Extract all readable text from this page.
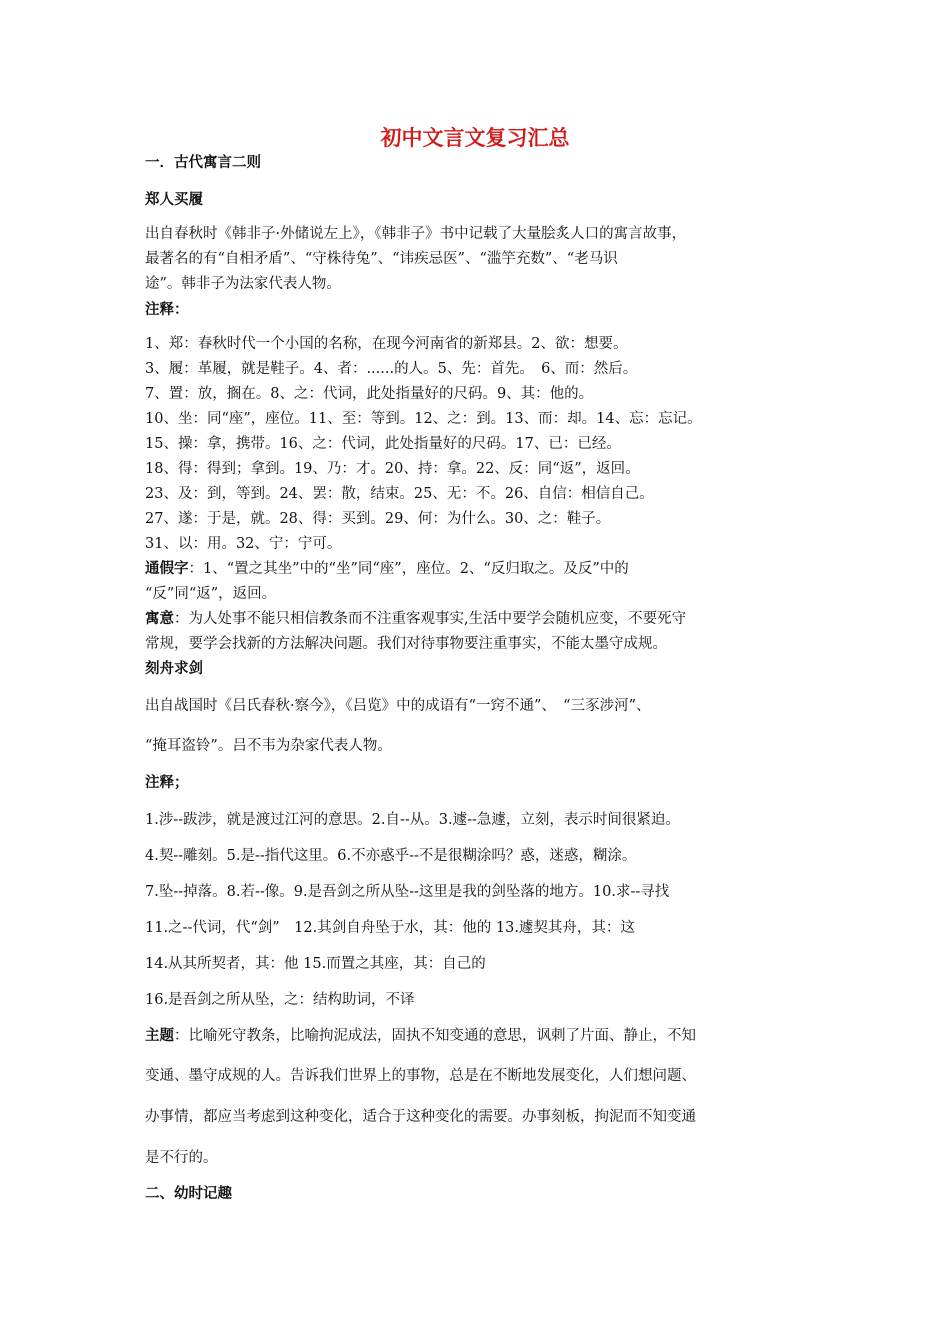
初中文言文复习汇总
一．古代寓言二则
郑人买履
出自春秋时《韩非子·外储说左上》，《韩非子》书中记载了大量脍炙人口的寓言故事，
最著名的有“自相矛盾”、“守株待兔”、“讳疾忌医”、“滥竽充数”、“老马识
途”。韩非子为法家代表人物。
注释：
1、郑：春秋时代一个小国的名称，在现今河南省的新郑县。2、欲：想要。
3、履：革履，就是鞋子。4、者：......的人。5、先：首先。　6、而：然后。
7、置：放，搁在。8、之：代词，此处指量好的尺码。9、其：他的。
10、坐：同“座”，座位。11、至：等到。12、之：到。13、而：却。14、忘：忘记。
15、操：拿，携带。16、之：代词，此处指量好的尺码。17、已：已经。
18、得：得到；拿到。19、乃：才。20、持：拿。22、反：同“返”，返回。
23、及：到，等到。24、罢：散，结束。25、无：不。26、自信：相信自己。
27、遂：于是，就。28、得：买到。29、何：为什么。30、之：鞋子。
31、以：用。32、宁：宁可。
通假字：1、“置之其坐”中的“坐”同“座”，座位。2、“反归取之。及反”中的
“反”同“返”，返回。
寓意：为人处事不能只相信教条而不注重客观事实,生活中要学会随机应变，不要死守
常规，要学会找新的方法解决问题。我们对待事物要注重事实，不能太墨守成规。
刻舟求剑
出自战国时《吕氏春秋·察今》，《吕览》中的成语有“一窍不通”、　“三豕涉河”、
“掩耳盗铃”。吕不韦为杂家代表人物。
注释；
1.涉--跋涉，就是渡过江河的意思。2.自--从。3.遽--急遽，立刻，表示时间很紧迫。
4.契--雕刻。5.是--指代这里。6.不亦惑乎--不是很糊涂吗？惑，迷惑，糊涂。
7.坠--掉落。8.若--像。9.是吾剑之所从坠--这里是我的剑坠落的地方。10.求--寻找
11.之--代词，代“剑”　12.其剑自舟坠于水，其：他的 13.遽契其舟，其：这
14.从其所契者，其：他 15.而置之其座，其：自己的
16.是吾剑之所从坠，之：结构助词，不译
主题：比喻死守教条，比喻拘泥成法，固执不知变通的意思，讽刺了片面、静止，不知
变通、墨守成规的人。告诉我们世界上的事物，总是在不断地发展变化，人们想问题、
办事情，都应当考虑到这种变化，适合于这种变化的需要。办事刻板，拘泥而不知变通
是不行的。
二、幼时记趣
